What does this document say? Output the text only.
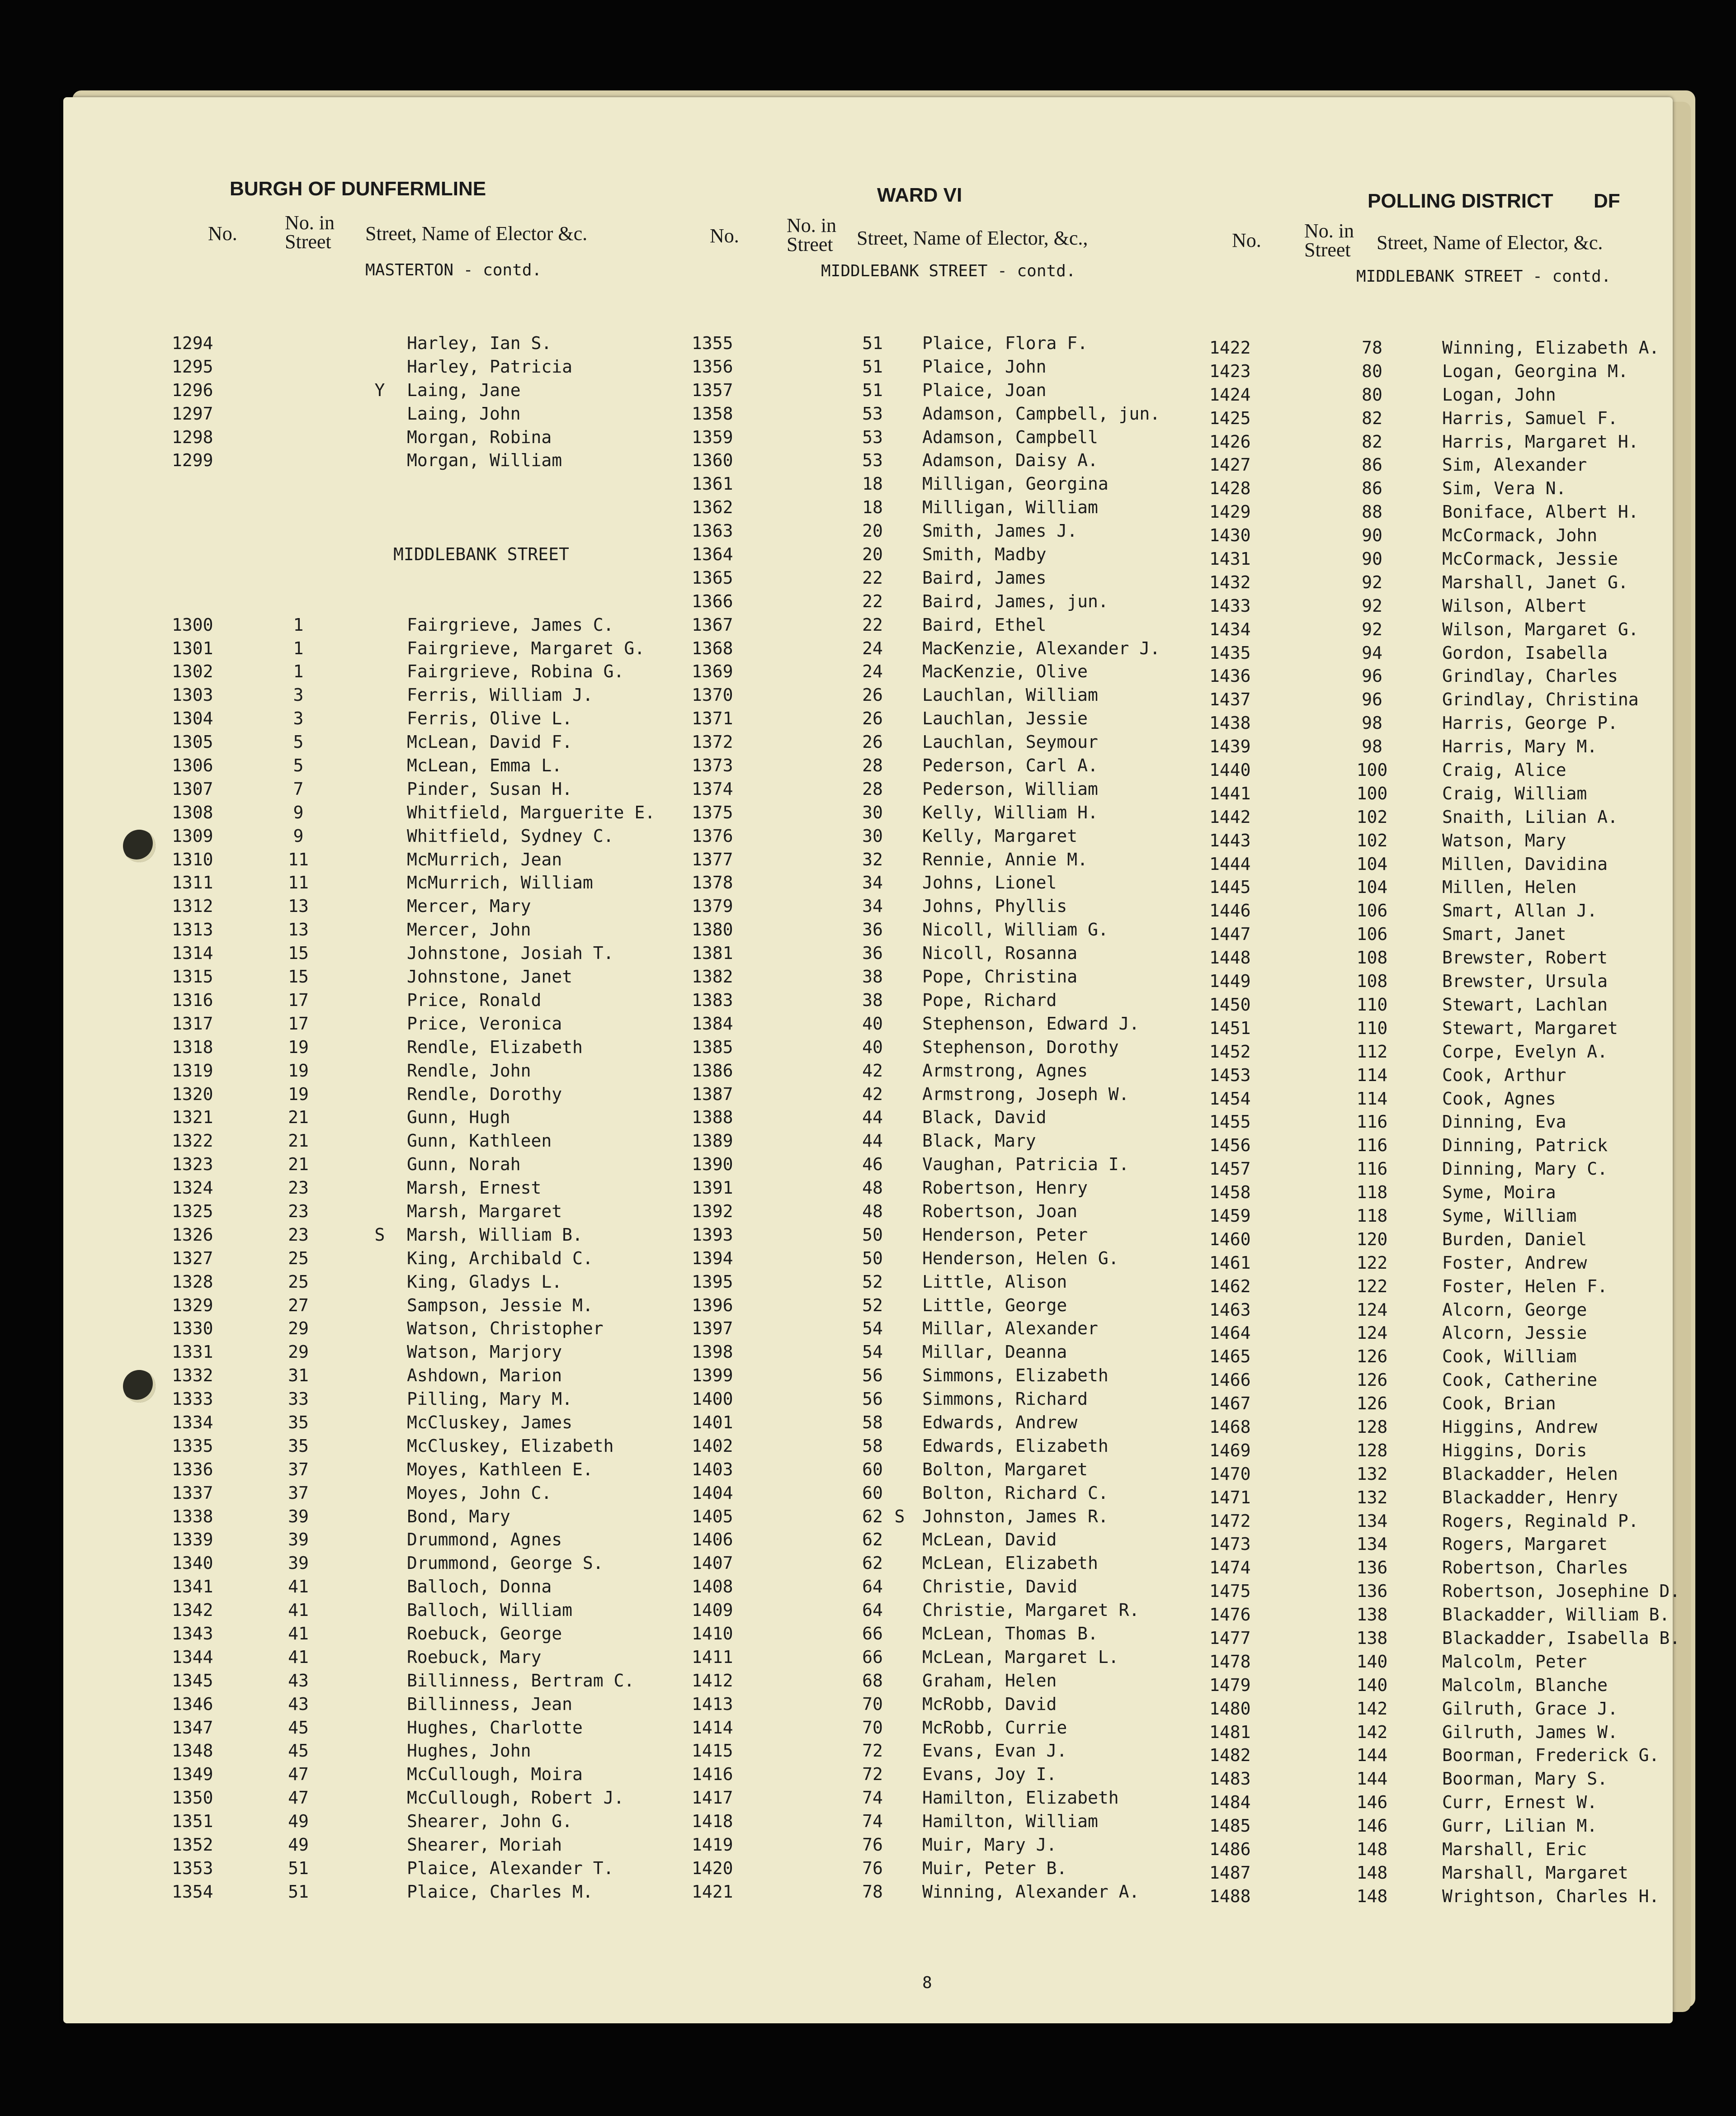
BURGH OF DUNFERMLINE	WARD VI	POLLING DISTRICT DF
No. No. in
Street Street, Name of Elector &c.
MASTERTON - contd.
No. No. in
Street Street, Name of Elector, &c.,
MIDDLEBANK STREET - contd.
No. No. in
Street Street, Name of Elector, &c.
MIDDLEBANK STREET - contd.
1294	Harley, Ian S.
1295	Harley, Patricia
1296	Y Laing, Jane
1297	Laing, John
1298	Morgan, Robina
1299	Morgan, William
MIDDLEBANK STREET
1300	1	Fairgrieve, James C.
1301	1	Fairgrieve, Margaret G.
1302	1	Fairgrieve, Robina G.
1303	3	Ferris, William J.
1304	3	Ferris, Olive L.
1305	5	McLean, David F.
1306	5	McLean, Emma L.
1307	7	Pinder, Susan H.
1308	9	Whitfield, Marguerite E.
1309	9	Whitfield, Sydney C.
1310	11	McMurrich, Jean
1311	11	McMurrich, William
1312	13	Mercer, Mary
1313	13	Mercer, John
1314	15	Johnstone, Josiah T.
1315	15	Johnstone, Janet
1316	17	Price, Ronald
1317	17	Price, Veronica
1318	19	Rendle, Elizabeth
1319	19	Rendle, John
1320	19	Rendle, Dorothy
1321	21	Gunn, Hugh
1322	21	Gunn, Kathleen
1323	21	Gunn, Norah
1324	23	Marsh, Ernest
1325	23	Marsh, Margaret
1326	23	S Marsh, William B.
1327	25	King, Archibald C.
1328	25	King, Gladys L.
1329	27	Sampson, Jessie M.
1330	29	Watson, Christopher
1331	29	Watson, Marjory
1332	31	Ashdown, Marion
1333	33	Pilling, Mary M.
1334	35	McCluskey, James
1335	35	McCluskey, Elizabeth
1336	37	Moyes, Kathleen E.
1337	37	Moyes, John C.
1338	39	Bond, Mary
1339	39	Drummond, Agnes
1340	39	Drummond, George S.
1341	41	Balloch, Donna
1342	41	Balloch, William
1343	41	Roebuck, George
1344	41	Roebuck, Mary
1345	43	Billinness, Bertram C.
1346	43	Billinness, Jean
1347	45	Hughes, Charlotte
1348	45	Hughes, John
1349	47	McCullough, Moira
1350	47	McCullough, Robert J.
1351	49	Shearer, John G.
1352	49	Shearer, Moriah
1353	51	Plaice, Alexander T.
1354	51	Plaice, Charles M.
1355	51	Plaice, Flora F.
1356	51	Plaice, John
1357	51	Plaice, Joan
1358	53	Adamson, Campbell, jun.
1359	53	Adamson, Campbell
1360	53	Adamson, Daisy A.
1361	18	Milligan, Georgina
1362	18	Milligan, William
1363	20	Smith, James J.
1364	20	Smith, Madby
1365	22	Baird, James
1366	22	Baird, James, jun.
1367	22	Baird, Ethel
1368	24	MacKenzie, Alexander J.
1369	24	MacKenzie, Olive
1370	26	Lauchlan, William
1371	26	Lauchlan, Jessie
1372	26	Lauchlan, Seymour
1373	28	Pederson, Carl A.
1374	28	Pederson, William
1375	30	Kelly, William H.
1376	30	Kelly, Margaret
1377	32	Rennie, Annie M.
1378	34	Johns, Lionel
1379	34	Johns, Phyllis
1380	36	Nicoll, William G.
1381	36	Nicoll, Rosanna
1382	38	Pope, Christina
1383	38	Pope, Richard
1384	40	Stephenson, Edward J.
1385	40	Stephenson, Dorothy
1386	42	Armstrong, Agnes
1387	42	Armstrong, Joseph W.
1388	44	Black, David
1389	44	Black, Mary
1390	46	Vaughan, Patricia I.
1391	48	Robertson, Henry
1392	48	Robertson, Joan
1393	50	Henderson, Peter
1394	50	Henderson, Helen G.
1395	52	Little, Alison
1396	52	Little, George
1397	54	Millar, Alexander
1398	54	Millar, Deanna
1399	56	Simmons, Elizabeth
1400	56	Simmons, Richard
1401	58	Edwards, Andrew
1402	58	Edwards, Elizabeth
1403	60	Bolton, Margaret
1404	60	Bolton, Richard C.
1405	62 S Johnston, James R.
1406	62	McLean, David
1407	62	McLean, Elizabeth
1408	64	Christie, David
1409	64	Christie, Margaret R.
1410	66	McLean, Thomas B.
1411	66	McLean, Margaret L.
1412	68	Graham, Helen
1413	70	McRobb, David
1414	70	McRobb, Currie
1415	72	Evans, Evan J.
1416	72	Evans, Joy I.
1417	74	Hamilton, Elizabeth
1418	74	Hamilton, William
1419	76	Muir, Mary J.
1420	76	Muir, Peter B.
1421	78	Winning, Alexander A.
1422	78	Winning, Elizabeth A.
1423	80	Logan, Georgina M.
1424	80	Logan, John
1425	82	Harris, Samuel F.
1426	82	Harris, Margaret H.
1427	86	Sim, Alexander
1428	86	Sim, Vera N.
1429	88	Boniface, Albert H.
1430	90	McCormack, John
1431	90	McCormack, Jessie
1432	92	Marshall, Janet G.
1433	92	Wilson, Albert
1434	92	Wilson, Margaret G.
1435	94	Gordon, Isabella
1436	96	Grindlay, Charles
1437	96	Grindlay, Christina
1438	98	Harris, George P.
1439	98	Harris, Mary M.
1440	100	Craig, Alice
1441	100	Craig, William
1442	102	Snaith, Lilian A.
1443	102	Watson, Mary
1444	104	Millen, Davidina
1445	104	Millen, Helen
1446	106	Smart, Allan J.
1447	106	Smart, Janet
1448	108	Brewster, Robert
1449	108	Brewster, Ursula
1450	110	Stewart, Lachlan
1451	110	Stewart, Margaret
1452	112	Corpe, Evelyn A.
1453	114	Cook, Arthur
1454	114	Cook, Agnes
1455	116	Dinning, Eva
1456	116	Dinning, Patrick
1457	116	Dinning, Mary C.
1458	118	Syme, Moira
1459	118	Syme, William
1460	120	Burden, Daniel
1461	122	Foster, Andrew
1462	122	Foster, Helen F.
1463	124	Alcorn, George
1464	124	Alcorn, Jessie
1465	126	Cook, William
1466	126	Cook, Catherine
1467	126	Cook, Brian
1468	128	Higgins, Andrew
1469	128	Higgins, Doris
1470	132	Blackadder, Helen
1471	132	Blackadder, Henry
1472	134	Rogers, Reginald P.
1473	134	Rogers, Margaret
1474	136	Robertson, Charles
1475	136	Robertson, Josephine D.
1476	138	Blackadder, William B.
1477	138	Blackadder, Isabella B.
1478	140	Malcolm, Peter
1479	140	Malcolm, Blanche
1480	142	Gilruth, Grace J.
1481	142	Gilruth, James W.
1482	144	Boorman, Frederick G.
1483	144	Boorman, Mary S.
1484	146	Curr, Ernest W.
1485	146	Gurr, Lilian M.
1486	148	Marshall, Eric
1487	148	Marshall, Margaret
1488	148	Wrightson, Charles H.
8
